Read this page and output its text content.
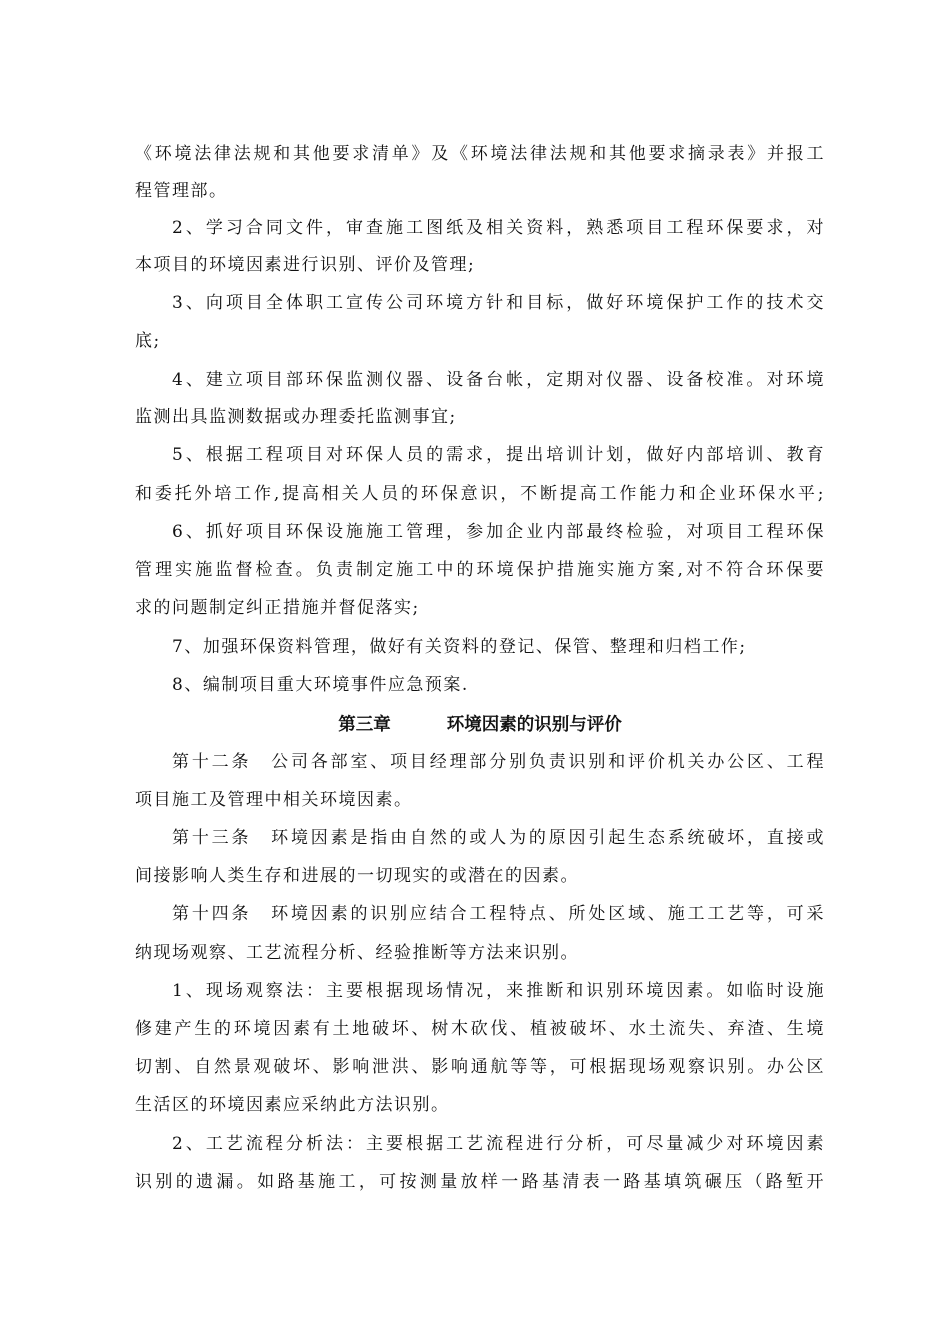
《环境法律法规和其他要求清单》及《环境法律法规和其他要求摘录表》并报工
程管理部。
2、学习合同文件，审查施工图纸及相关资料，熟悉项目工程环保要求，对
本项目的环境因素进行识别、评价及管理;
3、向项目全体职工宣传公司环境方针和目标，做好环境保护工作的技术交
底;
4、建立项目部环保监测仪器、设备台帐，定期对仪器、设备校准。对环境
监测出具监测数据或办理委托监测事宜;
5、根据工程项目对环保人员的需求，提出培训计划，做好内部培训、教育
和委托外培工作,提高相关人员的环保意识，不断提高工作能力和企业环保水平;
6、抓好项目环保设施施工管理，参加企业内部最终检验，对项目工程环保
管理实施监督检查。负责制定施工中的环境保护措施实施方案,对不符合环保要
求的问题制定纠正措施并督促落实;
7、加强环保资料管理，做好有关资料的登记、保管、整理和归档工作;
8、编制项目重大环境事件应急预案.
第三章	环境因素的识别与评价
第十二条　公司各部室、项目经理部分别负责识别和评价机关办公区、工程
项目施工及管理中相关环境因素。
第十三条　环境因素是指由自然的或人为的原因引起生态系统破坏，直接或
间接影响人类生存和进展的一切现实的或潜在的因素。
第十四条　环境因素的识别应结合工程特点、所处区域、施工工艺等，可采
纳现场观察、工艺流程分析、经验推断等方法来识别。
1、现场观察法：主要根据现场情况，来推断和识别环境因素。如临时设施
修建产生的环境因素有土地破坏、树木砍伐、植被破坏、水土流失、弃渣、生境
切割、自然景观破坏、影响泄洪、影响通航等等，可根据现场观察识别。办公区
生活区的环境因素应采纳此方法识别。
2、工艺流程分析法：主要根据工艺流程进行分析，可尽量减少对环境因素
识别的遗漏。如路基施工，可按测量放样一路基清表一路基填筑碾压（路堑开
